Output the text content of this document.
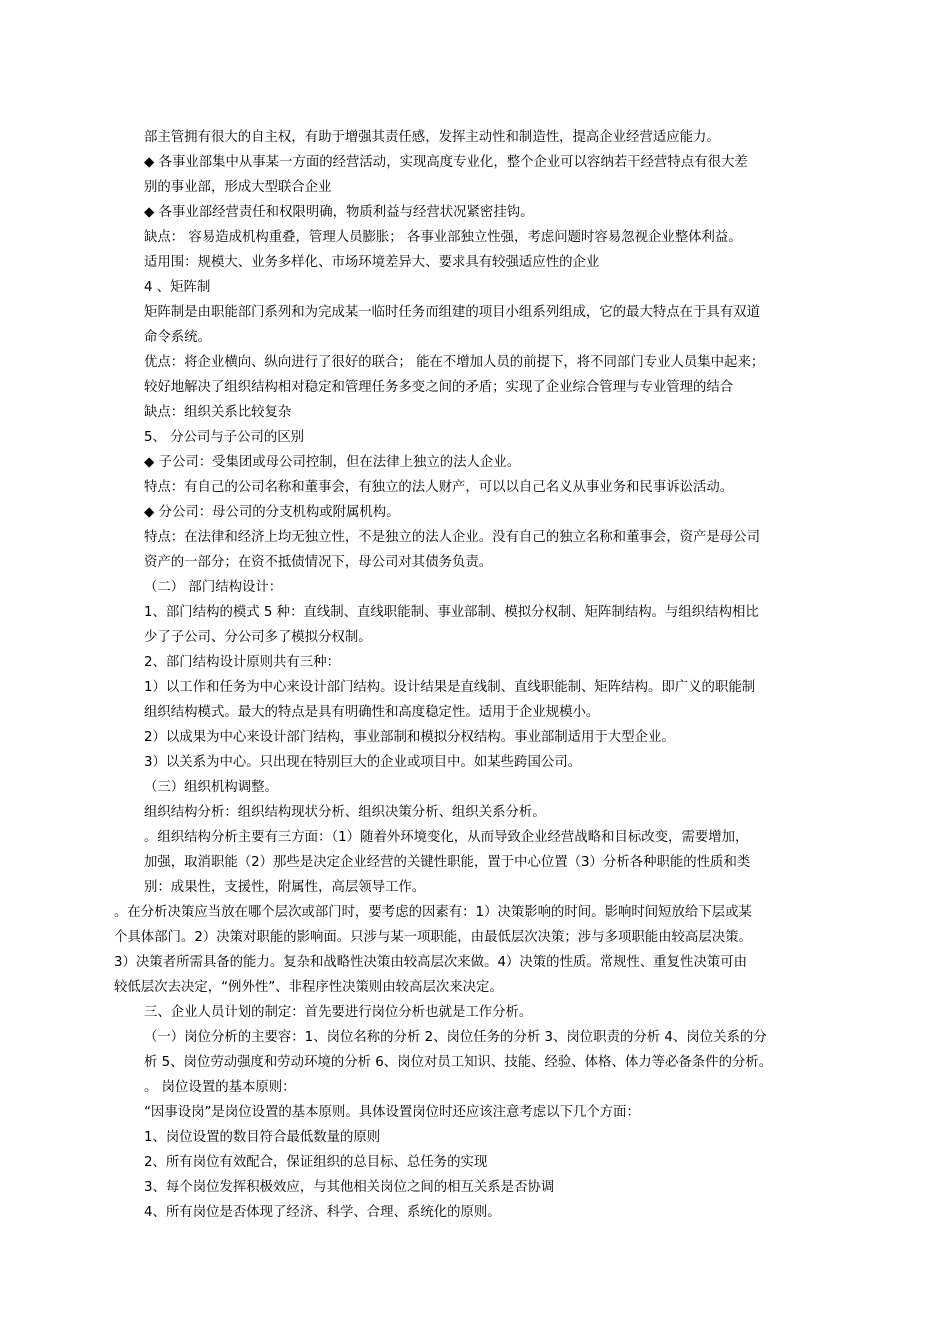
部主管拥有很大的自主权，有助于增强其责任感，发挥主动性和制造性，提高企业经营适应能力。
◆ 各事业部集中从事某一方面的经营活动，实现高度专业化，整个企业可以容纳若干经营特点有很大差
别的事业部，形成大型联合企业
◆ 各事业部经营责任和权限明确，物质利益与经营状况紧密挂钩。
缺点： 容易造成机构重叠，管理人员膨胀； 各事业部独立性强，考虑问题时容易忽视企业整体利益。
适用围：规模大、业务多样化、市场环境差异大、要求具有较强适应性的企业
4 、矩阵制
矩阵制是由职能部门系列和为完成某一临时任务而组建的项目小组系列组成，它的最大特点在于具有双道
命令系统。
优点：将企业横向、纵向进行了很好的联合； 能在不增加人员的前提下，将不同部门专业人员集中起来；
较好地解决了组织结构相对稳定和管理任务多变之间的矛盾；实现了企业综合管理与专业管理的结合
缺点：组织关系比较复杂
5、 分公司与子公司的区别
◆ 子公司：受集团或母公司控制，但在法律上独立的法人企业。
特点：有自己的公司名称和董事会，有独立的法人财产，可以以自己名义从事业务和民事诉讼活动。
◆ 分公司：母公司的分支机构或附属机构。
特点：在法律和经济上均无独立性，不是独立的法人企业。没有自己的独立名称和董事会，资产是母公司
资产的一部分；在资不抵债情况下，母公司对其债务负责。
（二） 部门结构设计：
1、部门结构的模式 5 种：直线制、直线职能制、事业部制、模拟分权制、矩阵制结构。与组织结构相比
少了子公司、分公司多了模拟分权制。
2、部门结构设计原则共有三种：
1）以工作和任务为中心来设计部门结构。设计结果是直线制、直线职能制、矩阵结构。即广义的职能制
组织结构模式。最大的特点是具有明确性和高度稳定性。适用于企业规模小。
2）以成果为中心来设计部门结构，事业部制和模拟分权结构。事业部制适用于大型企业。
3）以关系为中心。只出现在特别巨大的企业或项目中。如某些跨国公司。
（三）组织机构调整。
组织结构分析：组织结构现状分析、组织决策分析、组织关系分析。
。组织结构分析主要有三方面：（1）随着外环境变化，从而导致企业经营战略和目标改变，需要增加，
加强，取消职能（2）那些是决定企业经营的关键性职能，置于中心位置（3）分析各种职能的性质和类
别：成果性，支援性，附属性，高层领导工作。
。在分析决策应当放在哪个层次或部门时，要考虑的因素有：1）决策影响的时间。影响时间短放给下层或某
个具体部门。2）决策对职能的影响面。只涉与某一项职能，由最低层次决策；涉与多项职能由较高层决策。
3）决策者所需具备的能力。复杂和战略性决策由较高层次来做。4）决策的性质。常规性、重复性决策可由
较低层次去决定，“例外性”、非程序性决策则由较高层次来决定。
三、企业人员计划的制定：首先要进行岗位分析也就是工作分析。
（一）岗位分析的主要容：1、岗位名称的分析 2、岗位任务的分析 3、岗位职责的分析 4、岗位关系的分
析 5、岗位劳动强度和劳动环境的分析 6、岗位对员工知识、技能、经验、体格、体力等必备条件的分析。
。 岗位设置的基本原则：
“因事设岗”是岗位设置的基本原则。具体设置岗位时还应该注意考虑以下几个方面：
1、岗位设置的数目符合最低数量的原则
2、所有岗位有效配合，保证组织的总目标、总任务的实现
3、每个岗位发挥积极效应，与其他相关岗位之间的相互关系是否协调
4、所有岗位是否体现了经济、科学、合理、系统化的原则。
